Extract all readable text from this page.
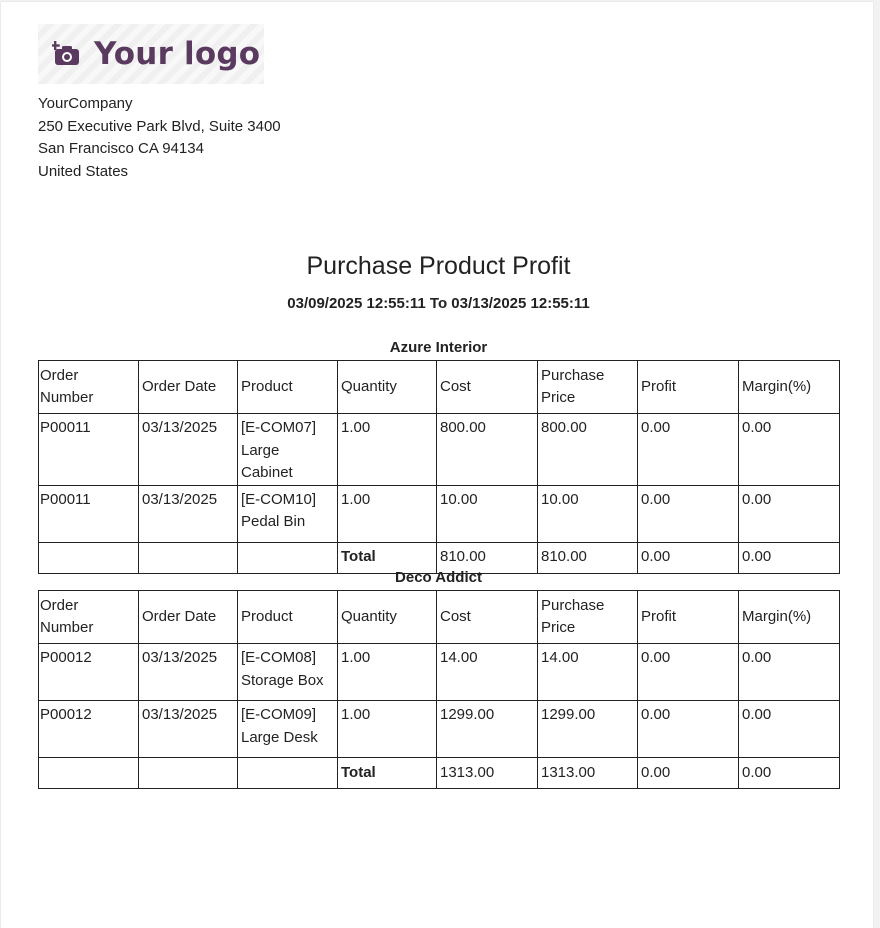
Your logo
YourCompany
250 Executive Park Blvd, Suite 3400
San Francisco CA 94134
United States
Purchase Product Profit
03/09/2025 12:55:11 To 03/13/2025 12:55:11
Azure Interior
Order Number	Order Date	Product	Quantity	Cost	Purchase Price	Profit	Margin(%)
P00011	03/13/2025	[E-COM07] Large Cabinet	1.00	800.00	800.00	0.00	0.00
P00011	03/13/2025	[E-COM10] Pedal Bin	1.00	10.00	10.00	0.00	0.00
			Total	810.00	810.00	0.00	0.00
Deco Addict
Order Number	Order Date	Product	Quantity	Cost	Purchase Price	Profit	Margin(%)
P00012	03/13/2025	[E-COM08] Storage Box	1.00	14.00	14.00	0.00	0.00
P00012	03/13/2025	[E-COM09] Large Desk	1.00	1299.00	1299.00	0.00	0.00
			Total	1313.00	1313.00	0.00	0.00
